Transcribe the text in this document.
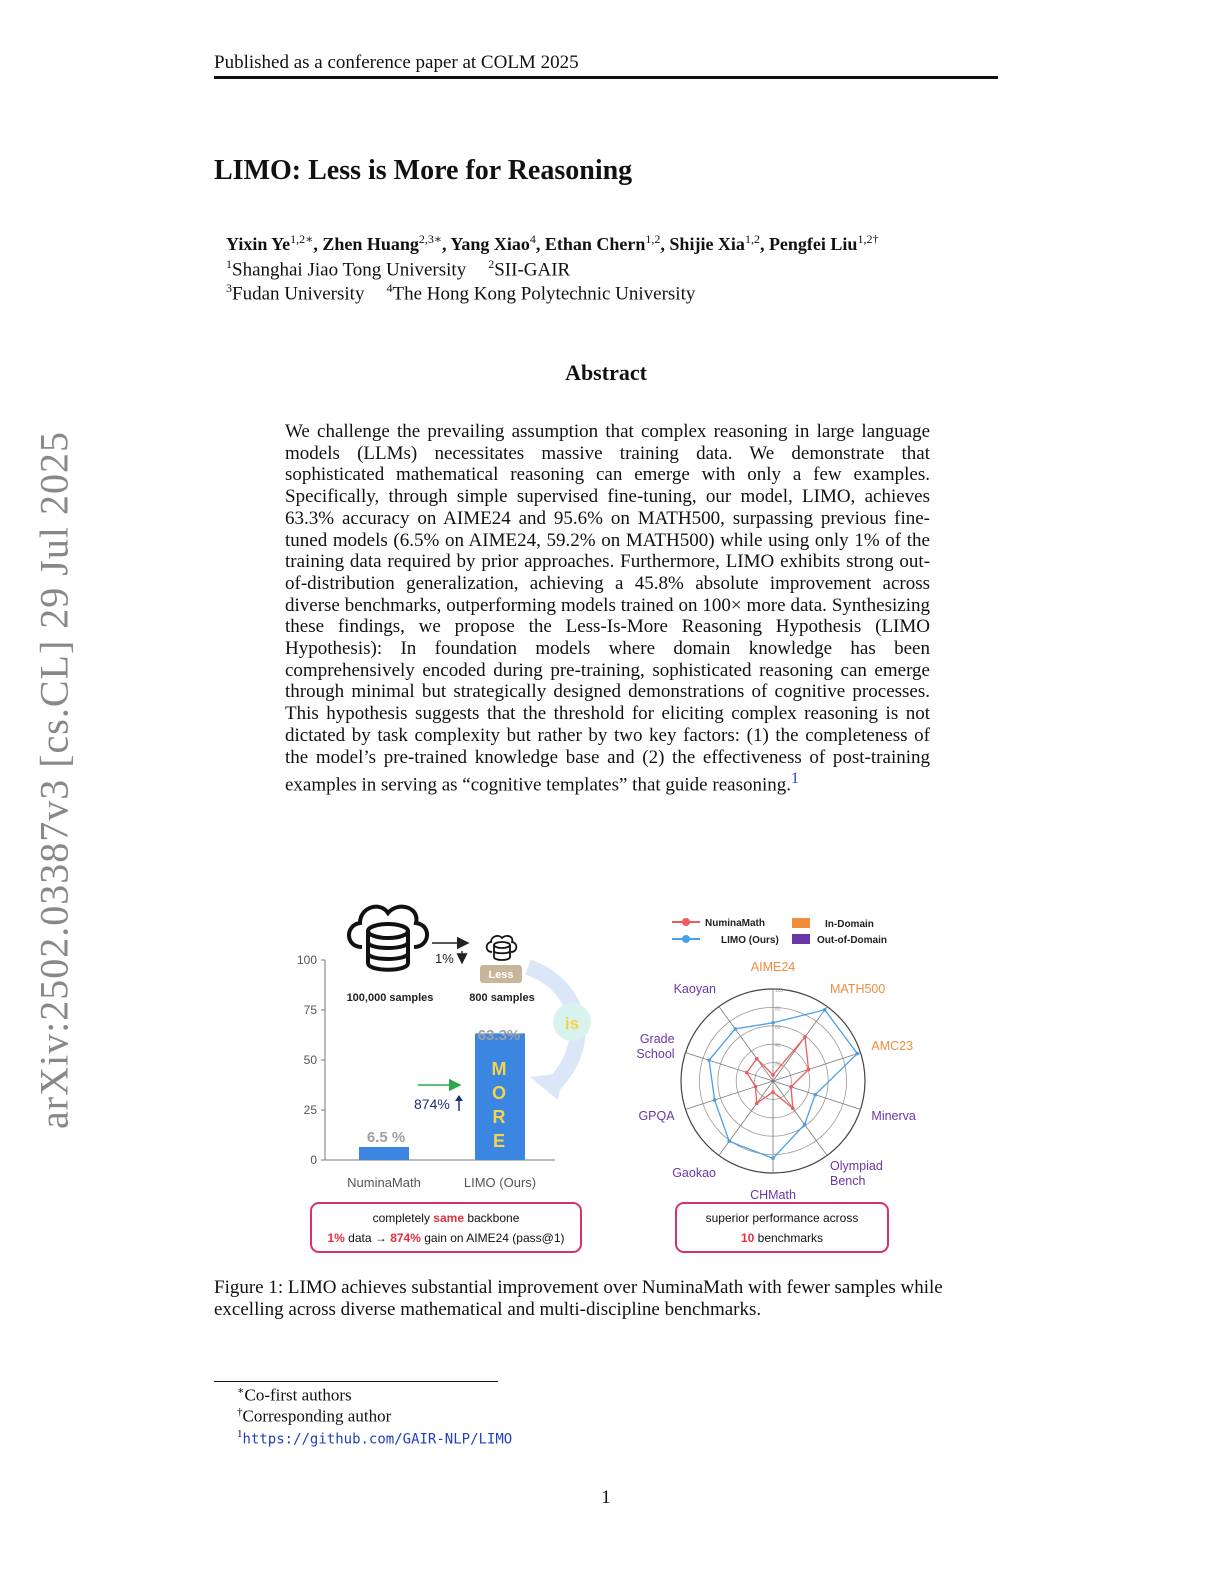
Published as a conference paper at COLM 2025
LIMO: Less is More for Reasoning
Yixin $Ye^{1,2∗}$, Zhen Huang$^{2,3∗}$, Yang Xiao$^4$, Ethan Chern$^{1,2}$, Shijie Xia$^{1,2}$, Pengfei Liu$^{1,2\dagger}$
$^1$Shanghai Jiao Tong University $^2$SII-GAIR
$^3$Fudan University $^4$The Hong Kong Polytechnic University
Abstract
We challenge the prevailing assumption that complex reasoning in large language models (LLMs) necessitates massive training data. We demonstrate that sophisticated mathematical reasoning can emerge with only a few examples. Specifically, through simple supervised fine-tuning, our model, LIMO, achieves 63.3% accuracy on AIME24 and 95.6% on MATH500, surpassing previous fine-tuned models (6.5% on AIME24, 59.2% on MATH500) while using only 1% of the training data required by prior approaches. Furthermore, LIMO exhibits strong out-of-distribution generalization, achieving a 45.8% absolute improvement across diverse benchmarks, outperforming models trained on 100× more data. Synthesizing these findings, we propose the Less-Is-More Reasoning Hypothesis (LIMO Hypothesis): In foundation models where domain knowledge has been comprehensively encoded during pre-training, sophisticated reasoning can emerge through minimal but strategically designed demonstrations of cognitive processes. This hypothesis suggests that the threshold for eliciting complex reasoning is not dictated by task complexity but rather by two key factors: (1) the completeness of the model’s pre-trained knowledge base and (2) the effectiveness of post-training examples in serving as “cognitive templates” that guide reasoning.$^1$
arXiv:2502.03387v3 [cs.CL] 29 Jul 2025
0
25
50
75
100
M
O
R
E
6.5 %
63.3%
NuminaMath	LIMO (Ours)
1%
100,000 samples	800 samples
Less
is
874%
completely same backbone
1% data → 874% gain on AIME24 (pass@1)
NuminaMath
LIMO (Ours)
In-Domain
Out-of-Domain
20
40
60
80
100
AIME24
MATH500
AMC23
Minerva
Olympiad Bench
CHMath
Gaokao
GPQA
Grade School
Kaoyan
superior performance across
10 benchmarks
Figure 1: LIMO achieves substantial improvement over NuminaMath with fewer samples while excelling across diverse mathematical and multi-discipline benchmarks.
∗Co-first authors
†Corresponding author
$^1$https://github.com/GAIR-NLP/LIMO
1
